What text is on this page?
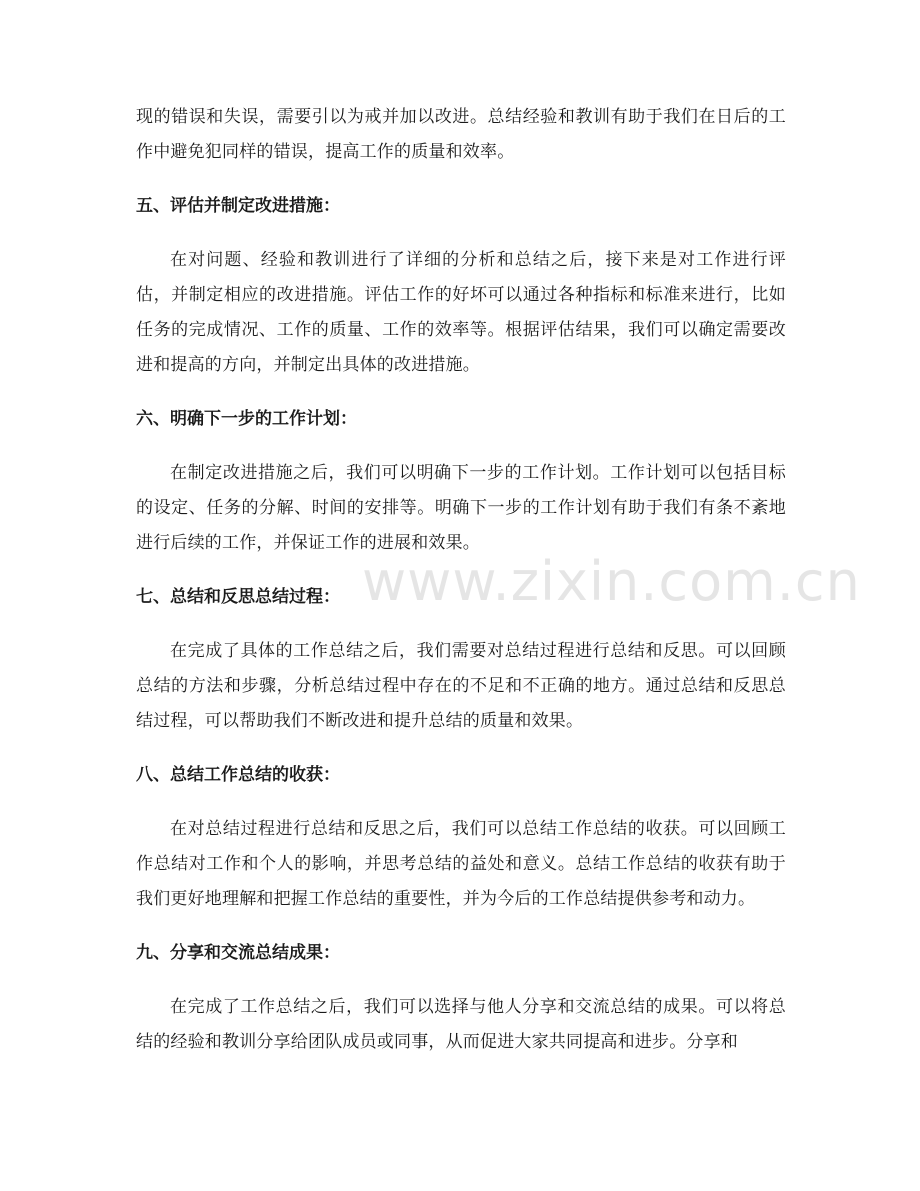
现的错误和失误，需要引以为戒并加以改进。总结经验和教训有助于我们在日后的工作中避免犯同样的错误，提高工作的质量和效率。

五、评估并制定改进措施：

在对问题、经验和教训进行了详细的分析和总结之后，接下来是对工作进行评估，并制定相应的改进措施。评估工作的好坏可以通过各种指标和标准来进行，比如任务的完成情况、工作的质量、工作的效率等。根据评估结果，我们可以确定需要改进和提高的方向，并制定出具体的改进措施。

六、明确下一步的工作计划：

在制定改进措施之后，我们可以明确下一步的工作计划。工作计划可以包括目标的设定、任务的分解、时间的安排等。明确下一步的工作计划有助于我们有条不紊地进行后续的工作，并保证工作的进展和效果。

七、总结和反思总结过程：

在完成了具体的工作总结之后，我们需要对总结过程进行总结和反思。可以回顾总结的方法和步骤，分析总结过程中存在的不足和不正确的地方。通过总结和反思总结过程，可以帮助我们不断改进和提升总结的质量和效果。

八、总结工作总结的收获：

在对总结过程进行总结和反思之后，我们可以总结工作总结的收获。可以回顾工作总结对工作和个人的影响，并思考总结的益处和意义。总结工作总结的收获有助于我们更好地理解和把握工作总结的重要性，并为今后的工作总结提供参考和动力。

九、分享和交流总结成果：

在完成了工作总结之后，我们可以选择与他人分享和交流总结的成果。可以将总结的经验和教训分享给团队成员或同事，从而促进大家共同提高和进步。分享和

www.zixin.com.cn
